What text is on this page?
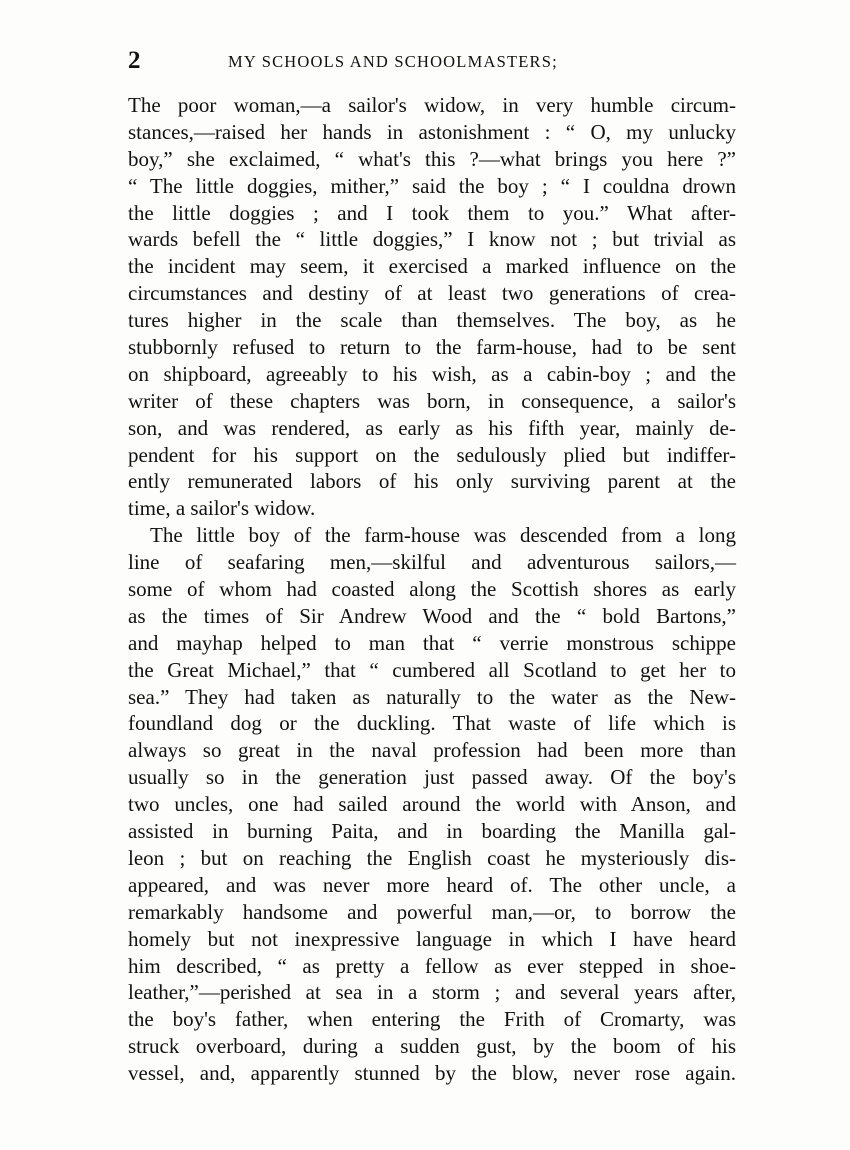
2	MY SCHOOLS AND SCHOOLMASTERS;

The poor woman,—a sailor's widow, in very humble circum-
stances,—raised her hands in astonishment : “ O, my unlucky
boy,” she exclaimed, “ what's this ?—what brings you here ?”
“ The little doggies, mither,” said the boy ; “ I couldna drown
the little doggies ; and I took them to you.” What after-
wards befell the “ little doggies,” I know not ; but trivial as
the incident may seem, it exercised a marked influence on the
circumstances and destiny of at least two generations of crea-
tures higher in the scale than themselves. The boy, as he
stubbornly refused to return to the farm-house, had to be sent
on shipboard, agreeably to his wish, as a cabin-boy ; and the
writer of these chapters was born, in consequence, a sailor's
son, and was rendered, as early as his fifth year, mainly de-
pendent for his support on the sedulously plied but indiffer-
ently remunerated labors of his only surviving parent at the
time, a sailor's widow.

The little boy of the farm-house was descended from a long
line of seafaring men,—skilful and adventurous sailors,—
some of whom had coasted along the Scottish shores as early
as the times of Sir Andrew Wood and the “ bold Bartons,”
and mayhap helped to man that “ verrie monstrous schippe
the Great Michael,” that “ cumbered all Scotland to get her to
sea.” They had taken as naturally to the water as the New-
foundland dog or the duckling. That waste of life which is
always so great in the naval profession had been more than
usually so in the generation just passed away. Of the boy's
two uncles, one had sailed around the world with Anson, and
assisted in burning Paita, and in boarding the Manilla gal-
leon ; but on reaching the English coast he mysteriously dis-
appeared, and was never more heard of. The other uncle, a
remarkably handsome and powerful man,—or, to borrow the
homely but not inexpressive language in which I have heard
him described, “ as pretty a fellow as ever stepped in shoe-
leather,”—perished at sea in a storm ; and several years after,
the boy's father, when entering the Frith of Cromarty, was
struck overboard, during a sudden gust, by the boom of his
vessel, and, apparently stunned by the blow, never rose again.
